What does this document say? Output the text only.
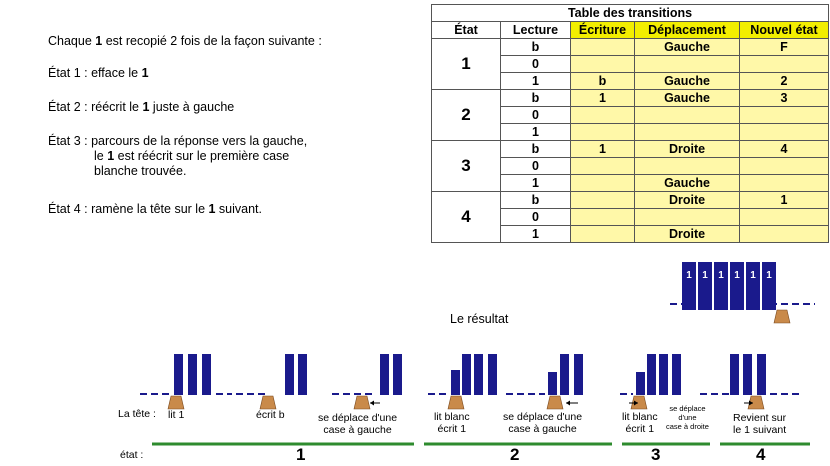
Chaque 1 est recopié 2 fois de la façon suivante :
État 1 : efface le 1
État 2 : réécrit le 1 juste à gauche
État 3 : parcours de la réponse vers la gauche,
le 1 est réécrit sur le première case
blanche trouvée.
État 4 : ramène la tête sur le 1 suivant.
Table des transitions				
État	Lecture	Écriture	Déplacement	Nouvel état
1	b		Gauche	F
	0			
	1	b	Gauche	2
2	b	1	Gauche	3
	0			
	1			
3	b	1	Droite	4
	0			
	1		Gauche	
4	b		Droite	1
	0			
	1		Droite	
Le résultat
1 1 1 1 1 1
La tête :
état :
lit 1	écrit b	se déplace d'une
case à gauche
lit blanc
écrit 1
se déplace d'une
case à gauche
lit blanc
écrit 1
se déplace
d'une
case à droite
Revient sur
le 1 suivant
1	2	3	4
